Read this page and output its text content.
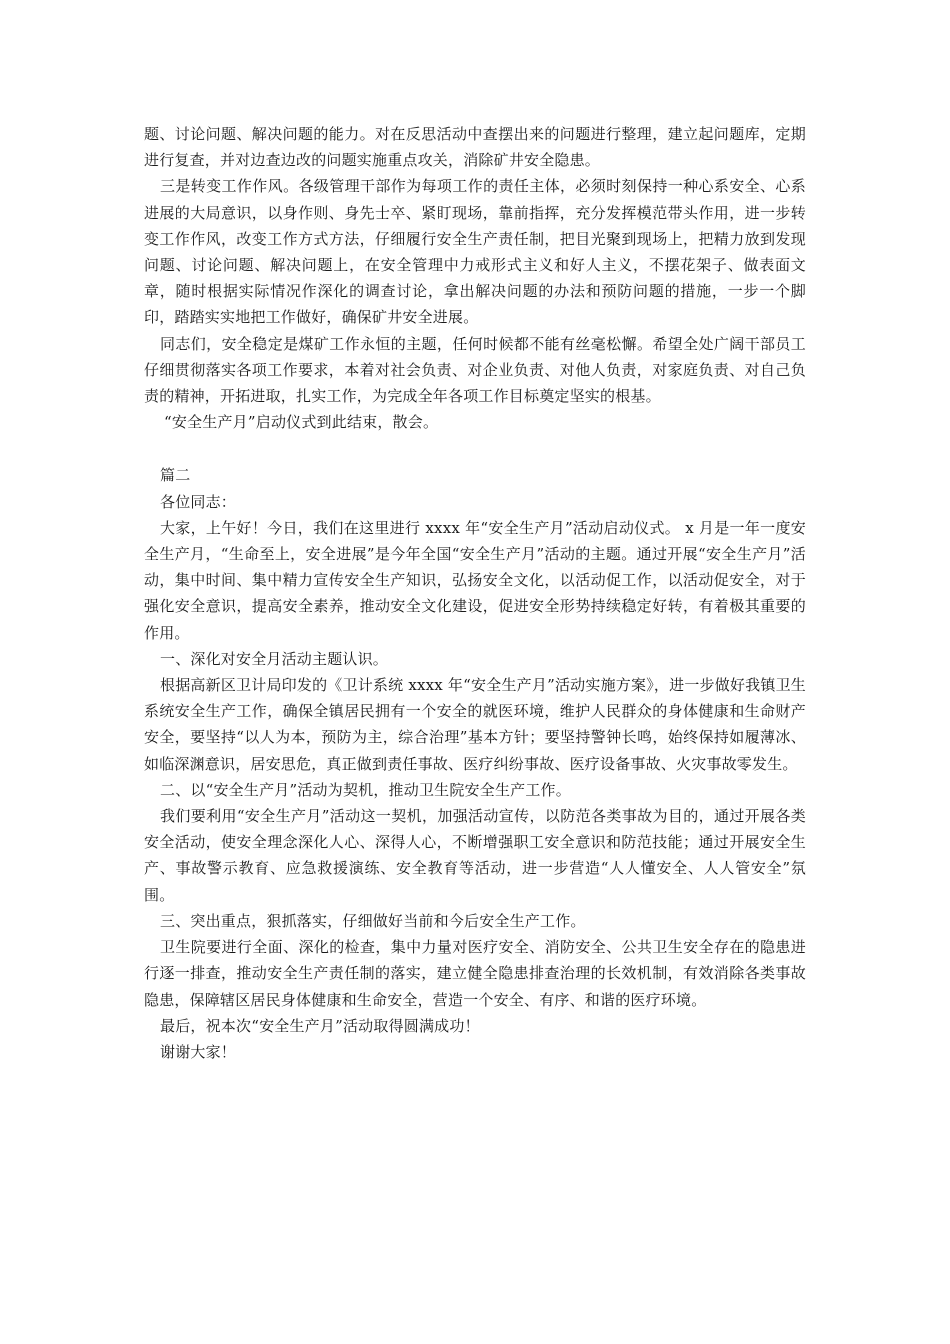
题、讨论问题、解决问题的能力。对在反思活动中查摆出来的问题进行整理，建立起问题库，定期进行复查，并对边查边改的问题实施重点攻关，消除矿井安全隐患。

三是转变工作作风。各级管理干部作为每项工作的责任主体，必须时刻保持一种心系安全、心系进展的大局意识，以身作则、身先士卒、紧盯现场，靠前指挥，充分发挥模范带头作用，进一步转变工作作风，改变工作方式方法，仔细履行安全生产责任制，把目光聚到现场上，把精力放到发现问题、讨论问题、解决问题上，在安全管理中力戒形式主义和好人主义，不摆花架子、做表面文章，随时根据实际情况作深化的调查讨论，拿出解决问题的办法和预防问题的措施，一步一个脚印，踏踏实实地把工作做好，确保矿井安全进展。

同志们，安全稳定是煤矿工作永恒的主题，任何时候都不能有丝毫松懈。希望全处广阔干部员工仔细贯彻落实各项工作要求，本着对社会负责、对企业负责、对他人负责，对家庭负责、对自己负责的精神，开拓进取，扎实工作，为完成全年各项工作目标奠定坚实的根基。

“安全生产月”启动仪式到此结束，散会。

篇二

各位同志：

大家，上午好！今日，我们在这里进行 xxxx 年“安全生产月”活动启动仪式。 x 月是一年一度安全生产月，“生命至上，安全进展”是今年全国“安全生产月”活动的主题。通过开展“安全生产月”活动，集中时间、集中精力宣传安全生产知识，弘扬安全文化，以活动促工作，以活动促安全，对于强化安全意识，提高安全素养，推动安全文化建设，促进安全形势持续稳定好转，有着极其重要的作用。

一、深化对安全月活动主题认识。

根据高新区卫计局印发的《卫计系统 xxxx 年“安全生产月”活动实施方案》，进一步做好我镇卫生系统安全生产工作，确保全镇居民拥有一个安全的就医环境，维护人民群众的身体健康和生命财产安全，要坚持“以人为本，预防为主，综合治理”基本方针；要坚持警钟长鸣，始终保持如履薄冰、如临深渊意识，居安思危，真正做到责任事故、医疗纠纷事故、医疗设备事故、火灾事故零发生。

二、以“安全生产月”活动为契机，推动卫生院安全生产工作。

我们要利用“安全生产月”活动这一契机，加强活动宣传，以防范各类事故为目的，通过开展各类安全活动，使安全理念深化人心、深得人心，不断增强职工安全意识和防范技能；通过开展安全生产、事故警示教育、应急救援演练、安全教育等活动，进一步营造“人人懂安全、人人管安全”氛围。

三、突出重点，狠抓落实，仔细做好当前和今后安全生产工作。

卫生院要进行全面、深化的检查，集中力量对医疗安全、消防安全、公共卫生安全存在的隐患进行逐一排查，推动安全生产责任制的落实，建立健全隐患排查治理的长效机制，有效消除各类事故隐患，保障辖区居民身体健康和生命安全，营造一个安全、有序、和谐的医疗环境。

最后，祝本次“安全生产月”活动取得圆满成功！

谢谢大家！
